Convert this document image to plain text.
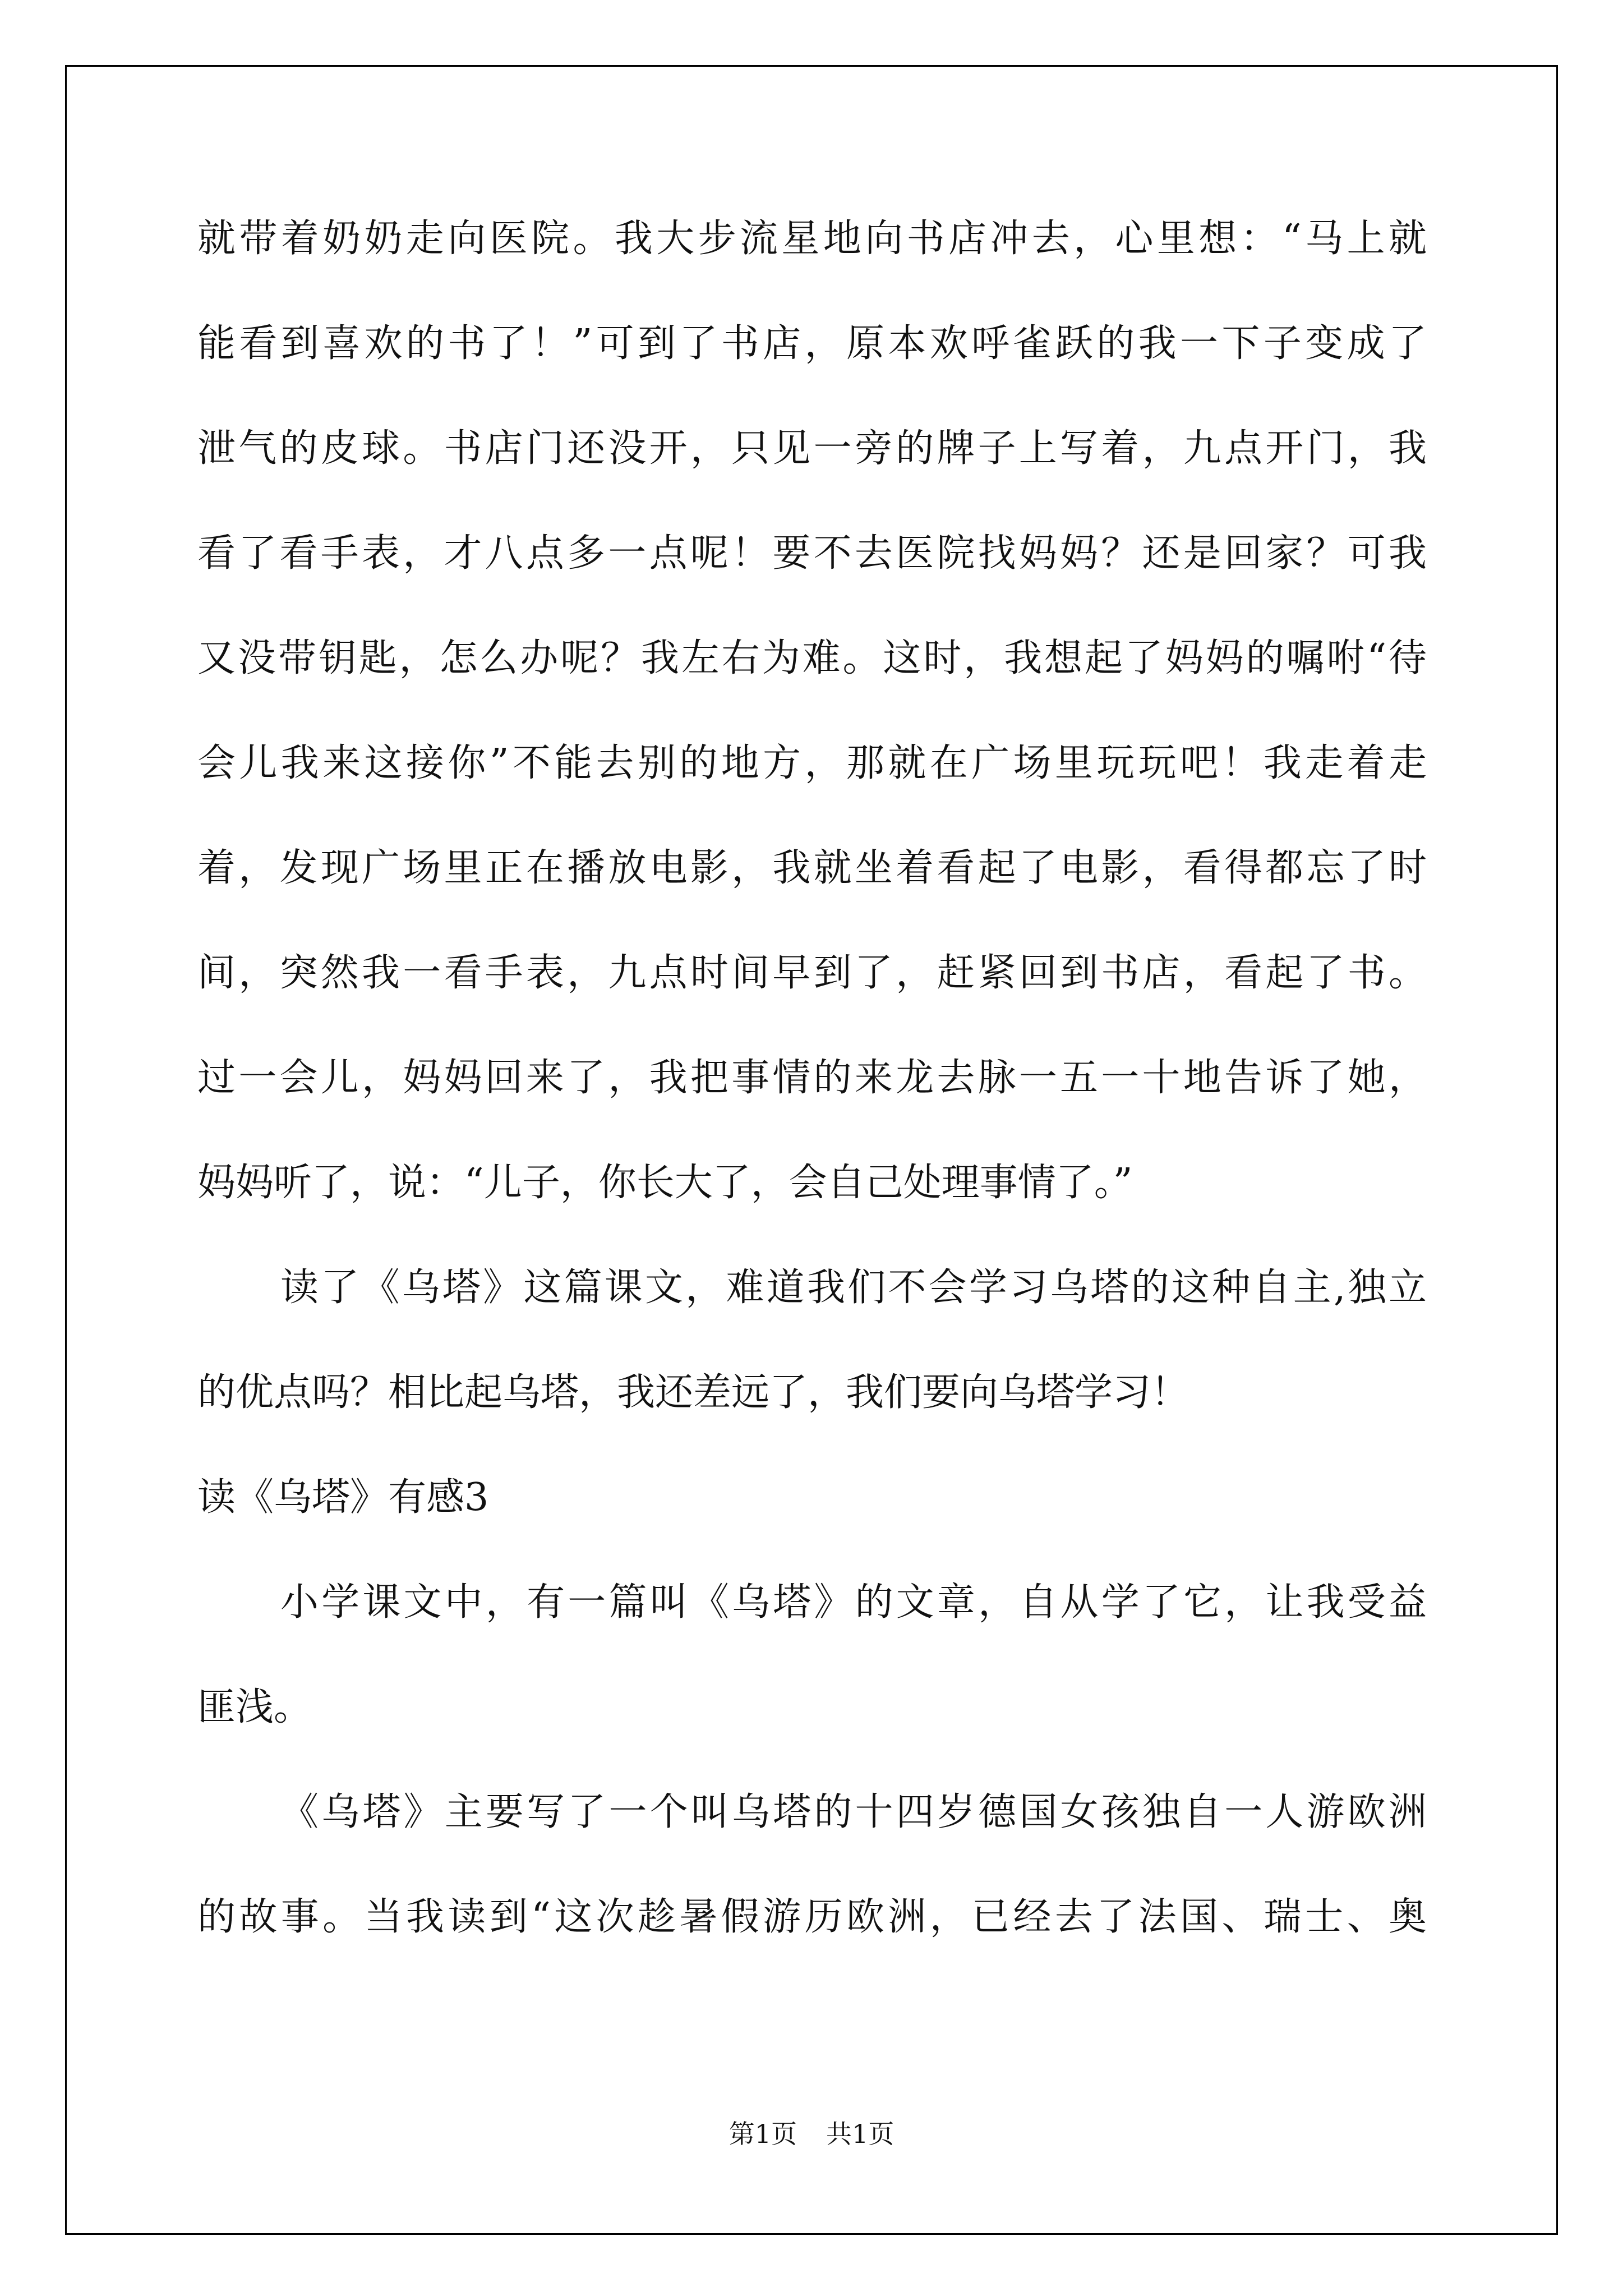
就带着奶奶走向医院。我大步流星地向书店冲去，心里想：“马上就
能看到喜欢的书了！”可到了书店，原本欢呼雀跃的我一下子变成了
泄气的皮球。书店门还没开，只见一旁的牌子上写着，九点开门，我
看了看手表，才八点多一点呢！要不去医院找妈妈？还是回家？可我
又没带钥匙，怎么办呢？我左右为难。这时，我想起了妈妈的嘱咐“待
会儿我来这接你”不能去别的地方，那就在广场里玩玩吧！我走着走
着，发现广场里正在播放电影，我就坐着看起了电影，看得都忘了时
间，突然我一看手表，九点时间早到了，赶紧回到书店，看起了书。
过一会儿，妈妈回来了，我把事情的来龙去脉一五一十地告诉了她，
妈妈听了，说：“儿子，你长大了，会自己处理事情了。”
读了《乌塔》这篇课文，难道我们不会学习乌塔的这种自主,独立
的优点吗？相比起乌塔，我还差远了，我们要向乌塔学习！
读《乌塔》有感3
小学课文中，有一篇叫《乌塔》的文章，自从学了它，让我受益
匪浅。
《乌塔》主要写了一个叫乌塔的十四岁德国女孩独自一人游欧洲
的故事。当我读到“这次趁暑假游历欧洲，已经去了法国、瑞士、奥
第1页 共1页
